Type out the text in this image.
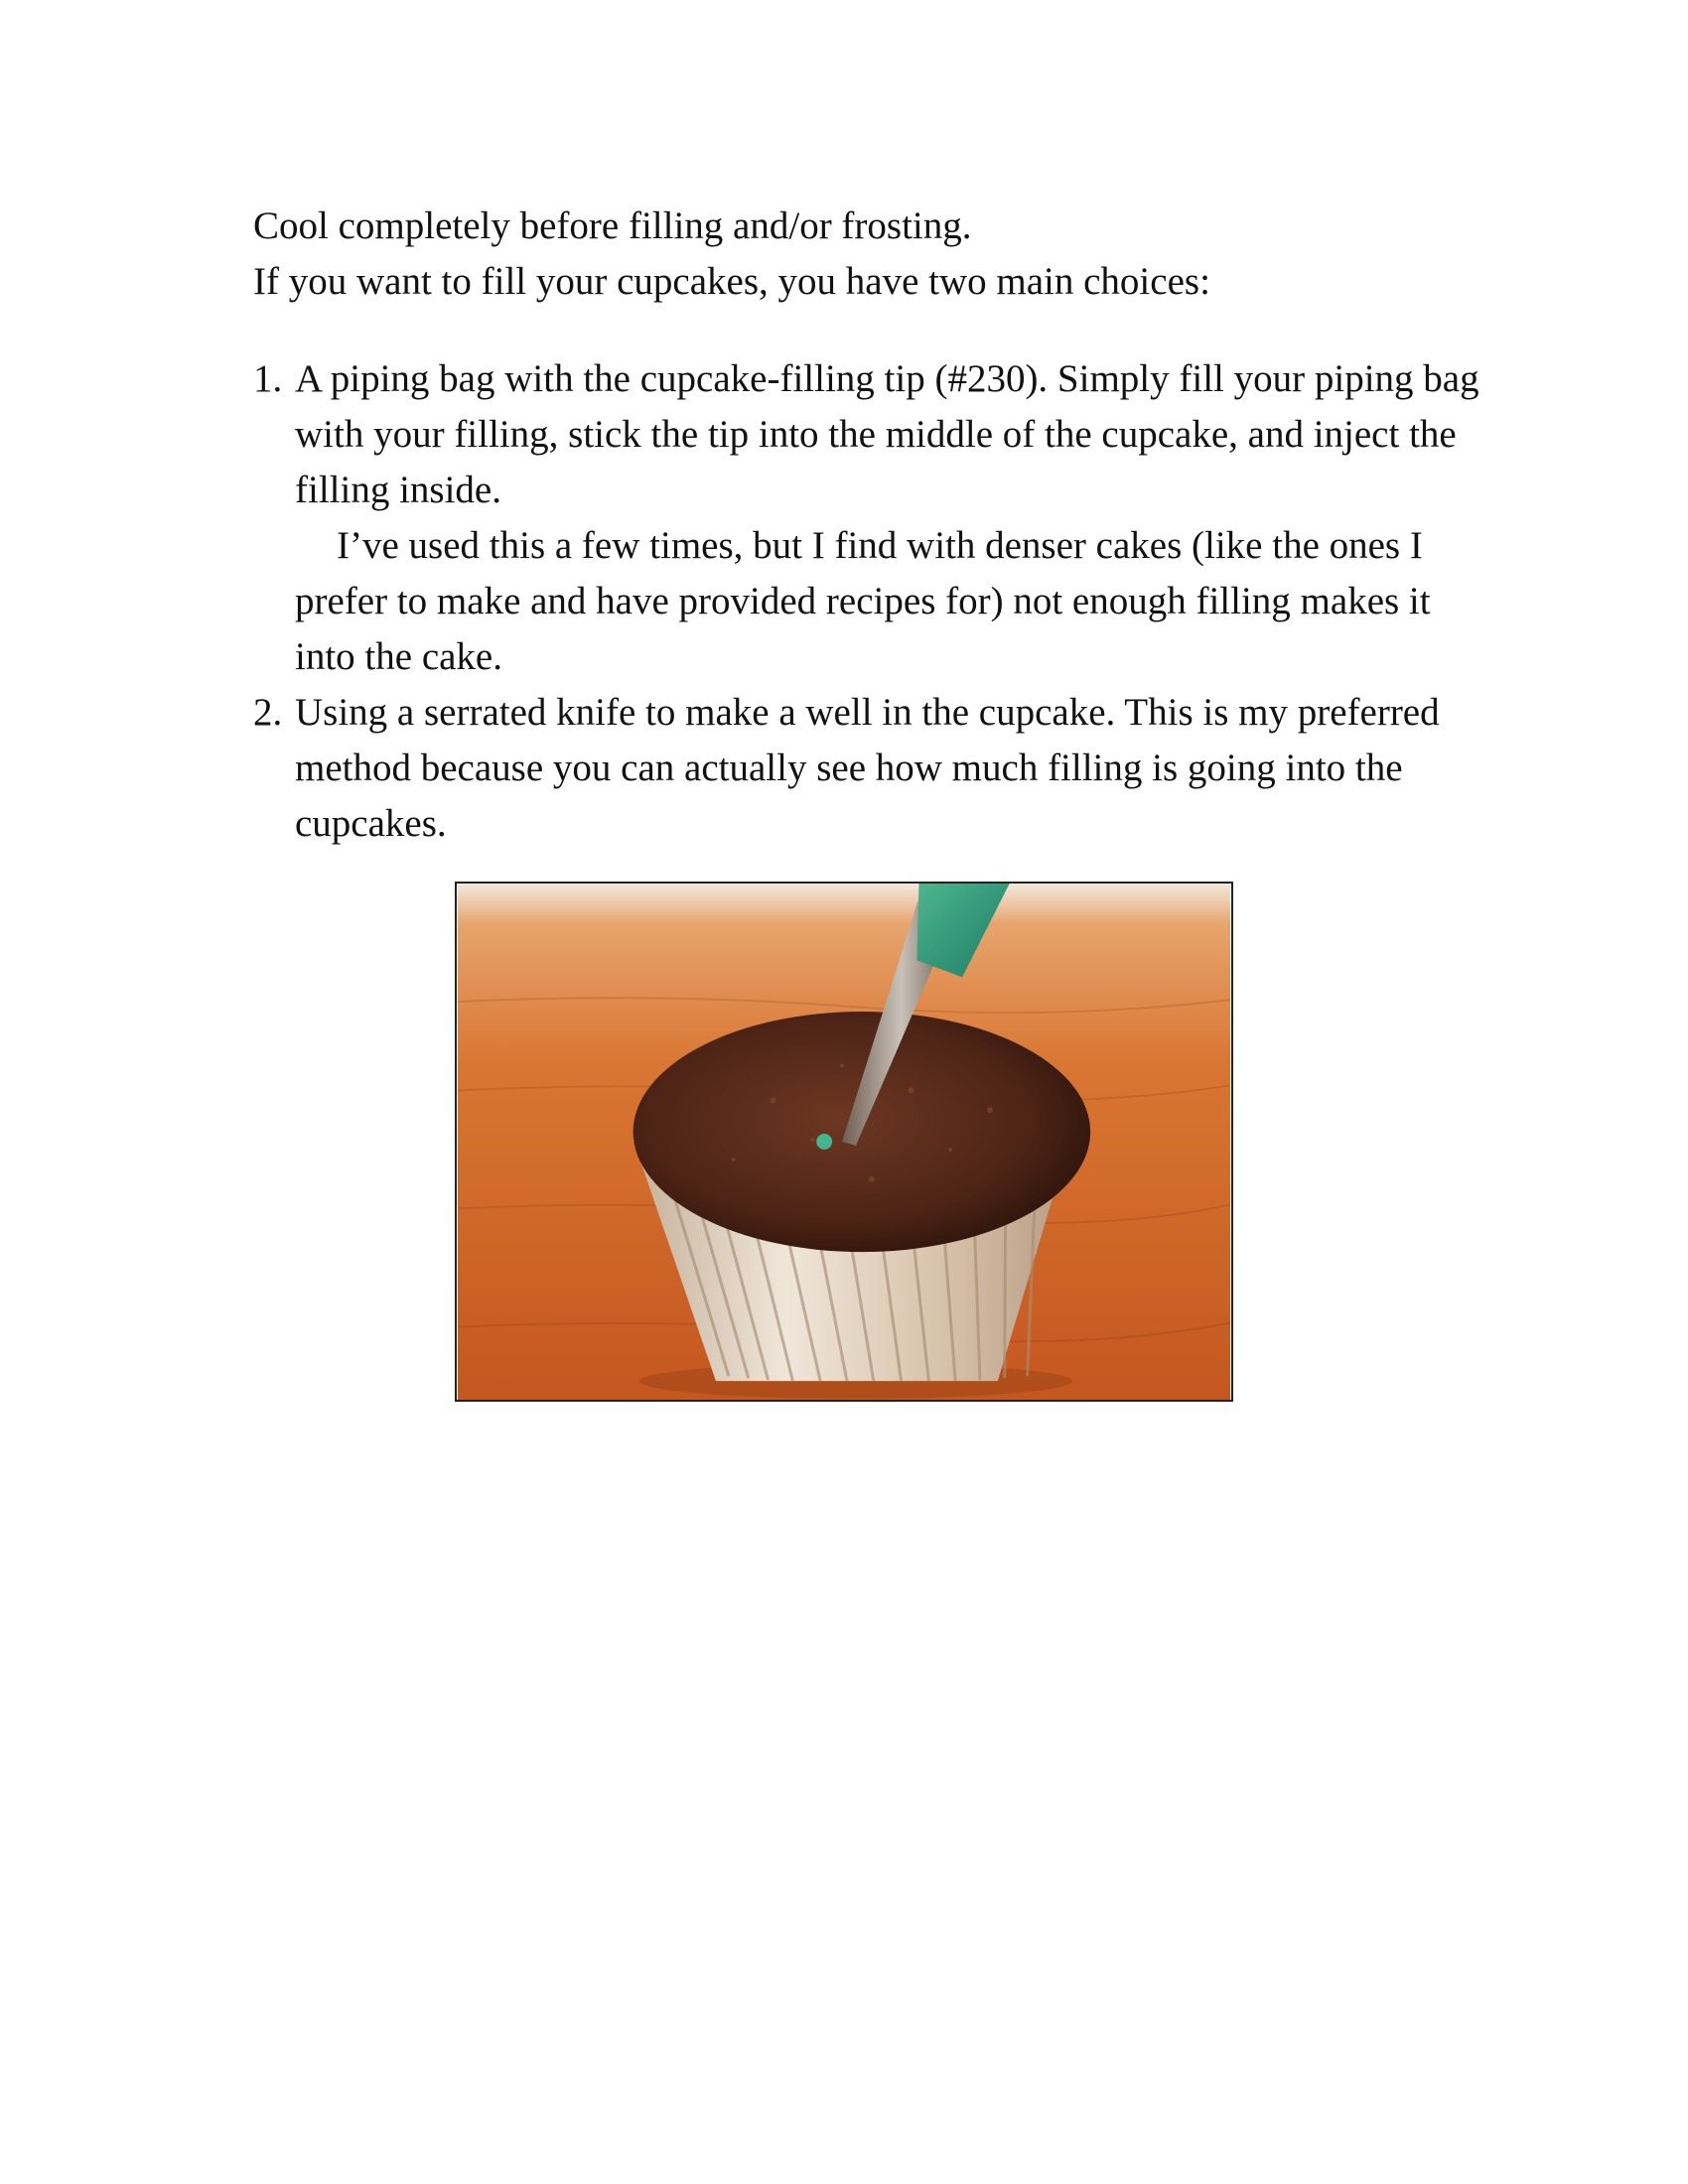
Cool completely before filling and/or frosting.
If you want to fill your cupcakes, you have two main choices:
1. A piping bag with the cupcake-filling tip (#230). Simply fill your piping bag with your filling, stick the tip into the middle of the cupcake, and inject the filling inside.

I’ve used this a few times, but I find with denser cakes (like the ones I prefer to make and have provided recipes for) not enough filling makes it into the cake.

2. Using a serrated knife to make a well in the cupcake. This is my preferred method because you can actually see how much filling is going into the cupcakes.
